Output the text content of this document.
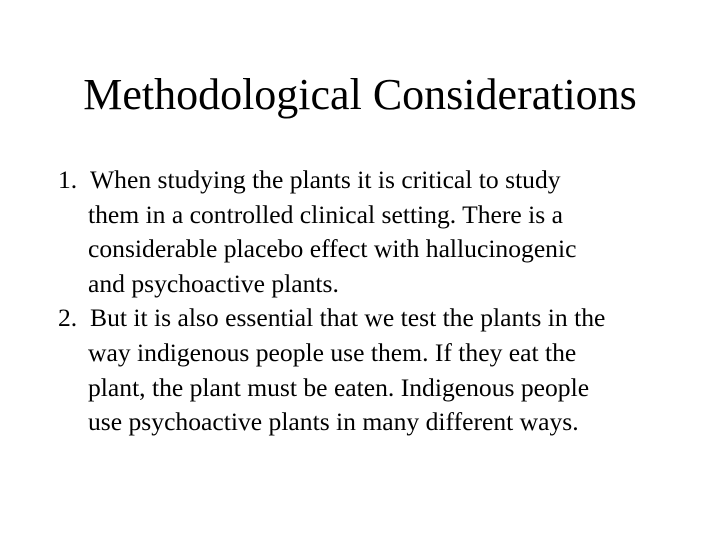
Methodological Considerations
1. When studying the plants it is critical to study
them in a controlled clinical setting. There is a
considerable placebo effect with hallucinogenic
and psychoactive plants.
2. But it is also essential that we test the plants in the
way indigenous people use them. If they eat the
plant, the plant must be eaten. Indigenous people
use psychoactive plants in many different ways.
